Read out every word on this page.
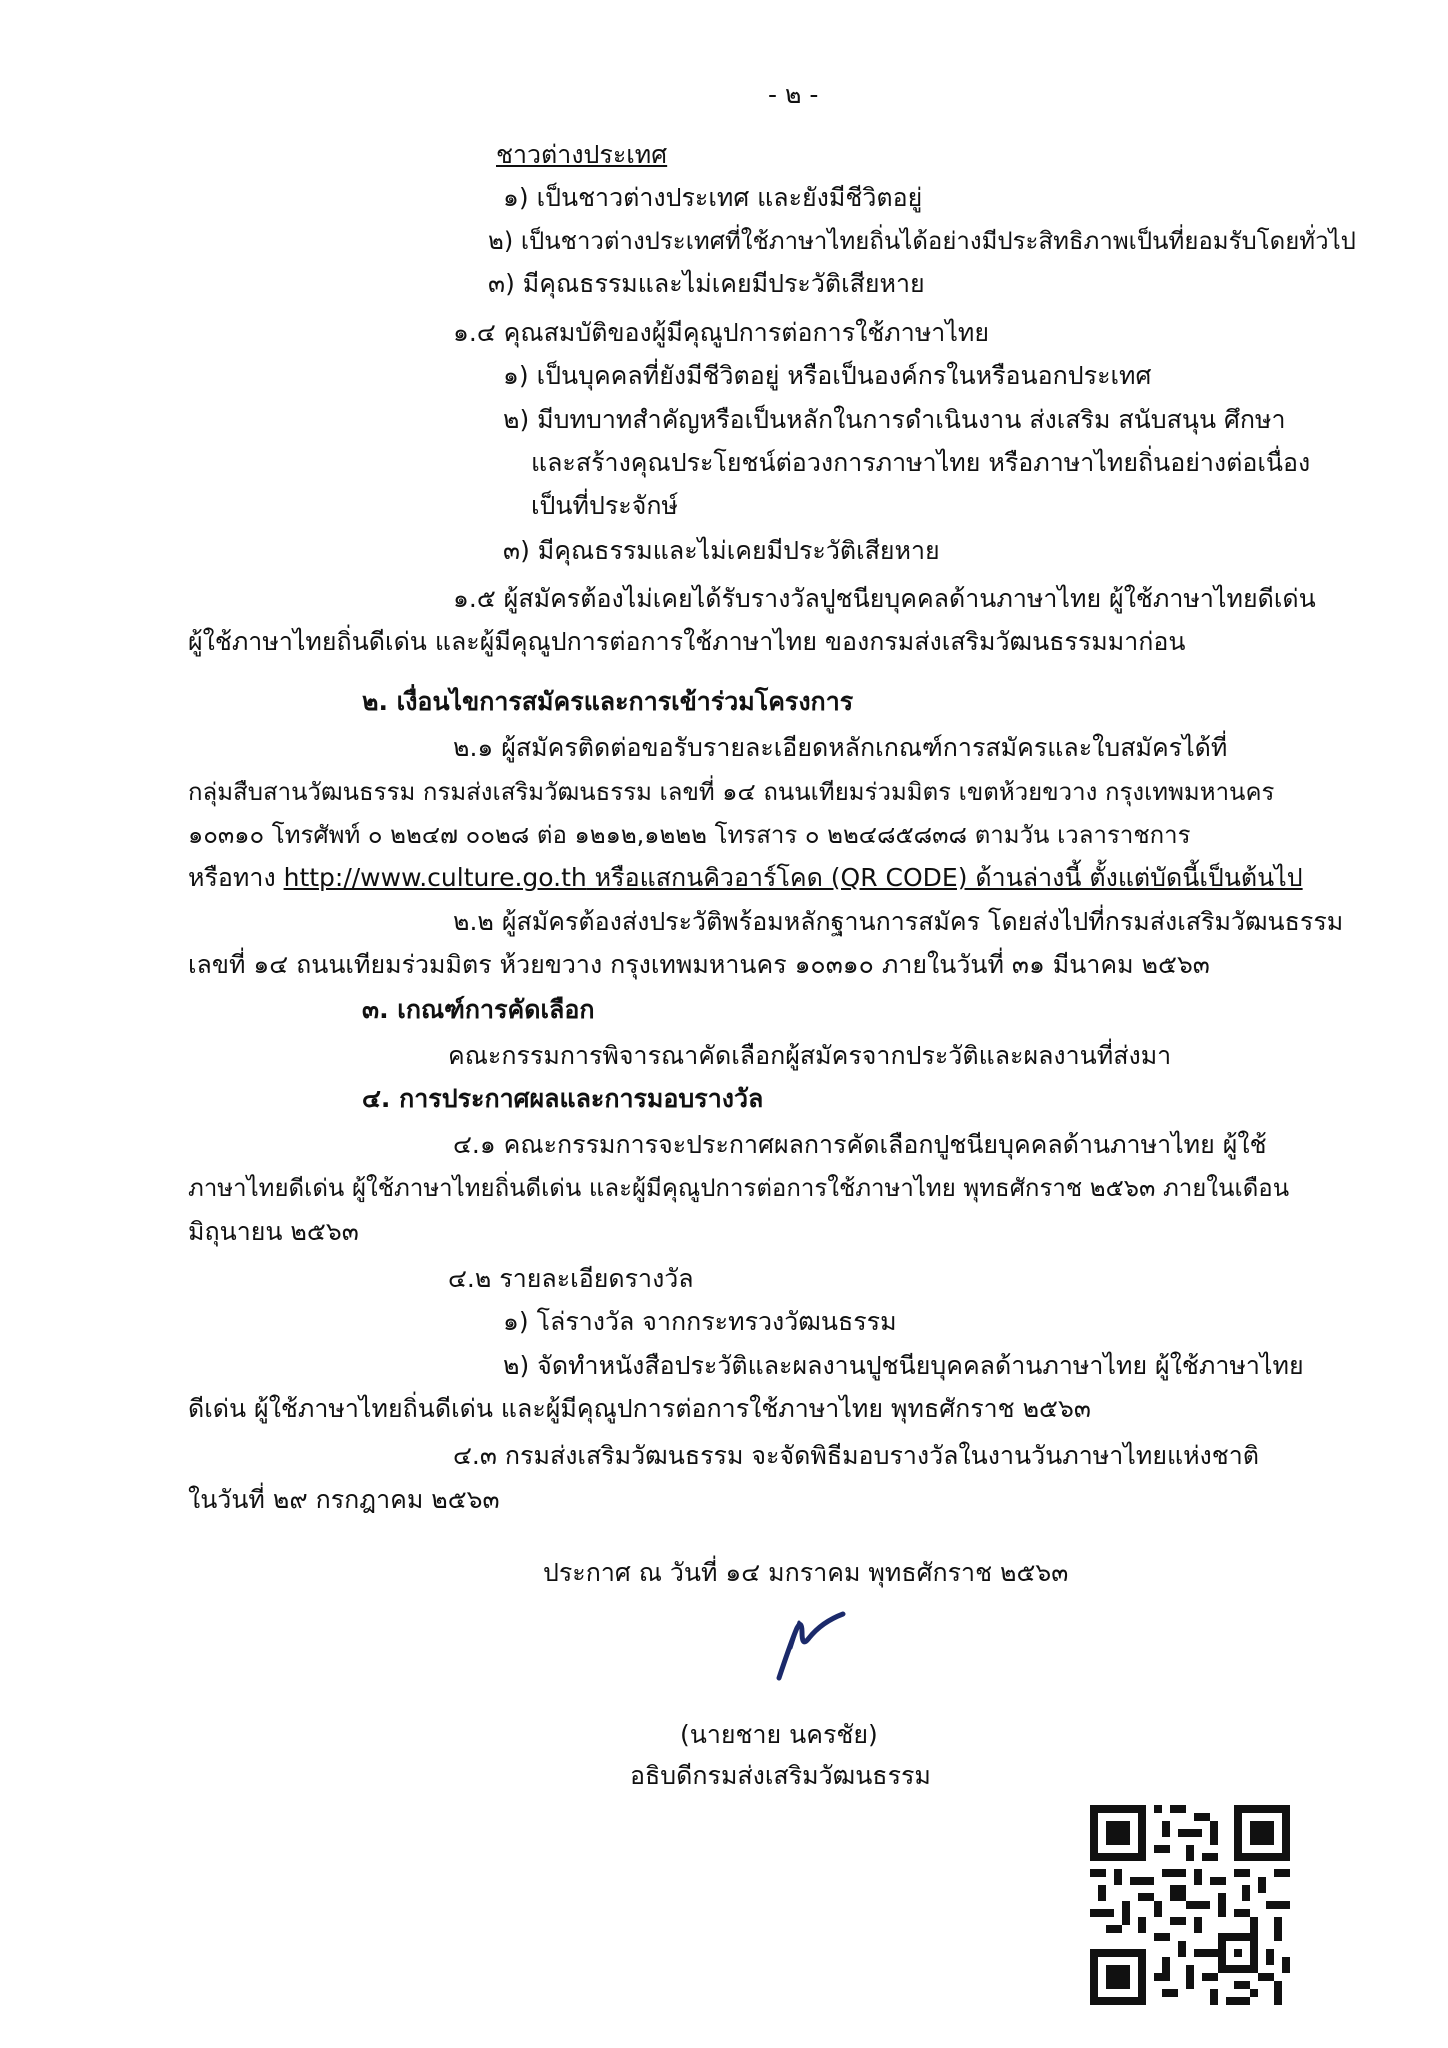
- ๒ -
ชาวต่างประเทศ
๑) เป็นชาวต่างประเทศ และยังมีชีวิตอยู่
๒) เป็นชาวต่างประเทศที่ใช้ภาษาไทยถิ่นได้อย่างมีประสิทธิภาพเป็นที่ยอมรับโดยทั่วไป
๓) มีคุณธรรมและไม่เคยมีประวัติเสียหาย
๑.๔ คุณสมบัติของผู้มีคุณูปการต่อการใช้ภาษาไทย
๑) เป็นบุคคลที่ยังมีชีวิตอยู่ หรือเป็นองค์กรในหรือนอกประเทศ
๒) มีบทบาทสำคัญหรือเป็นหลักในการดำเนินงาน ส่งเสริม สนับสนุน ศึกษา
และสร้างคุณประโยชน์ต่อวงการภาษาไทย หรือภาษาไทยถิ่นอย่างต่อเนื่อง
เป็นที่ประจักษ์
๓) มีคุณธรรมและไม่เคยมีประวัติเสียหาย
๑.๕ ผู้สมัครต้องไม่เคยได้รับรางวัลปูชนียบุคคลด้านภาษาไทย ผู้ใช้ภาษาไทยดีเด่น
ผู้ใช้ภาษาไทยถิ่นดีเด่น และผู้มีคุณูปการต่อการใช้ภาษาไทย ของกรมส่งเสริมวัฒนธรรมมาก่อน
๒. เงื่อนไขการสมัครและการเข้าร่วมโครงการ
๒.๑ ผู้สมัครติดต่อขอรับรายละเอียดหลักเกณฑ์การสมัครและใบสมัครได้ที่
กลุ่มสืบสานวัฒนธรรม กรมส่งเสริมวัฒนธรรม เลขที่ ๑๔ ถนนเทียมร่วมมิตร เขตห้วยขวาง กรุงเทพมหานคร
๑๐๓๑๐ โทรศัพท์ ๐ ๒๒๔๗ ๐๐๒๘ ต่อ ๑๒๑๒,๑๒๒๒ โทรสาร ๐ ๒๒๔๘๕๘๓๘ ตามวัน เวลาราชการ
หรือทาง http://www.culture.go.th หรือแสกนคิวอาร์โคด (QR CODE) ด้านล่างนี้ ตั้งแต่บัดนี้เป็นต้นไป
๒.๒ ผู้สมัครต้องส่งประวัติพร้อมหลักฐานการสมัคร โดยส่งไปที่กรมส่งเสริมวัฒนธรรม
เลขที่ ๑๔ ถนนเทียมร่วมมิตร ห้วยขวาง กรุงเทพมหานคร ๑๐๓๑๐ ภายในวันที่ ๓๑ มีนาคม ๒๕๖๓
๓. เกณฑ์การคัดเลือก
คณะกรรมการพิจารณาคัดเลือกผู้สมัครจากประวัติและผลงานที่ส่งมา
๔. การประกาศผลและการมอบรางวัล
๔.๑ คณะกรรมการจะประกาศผลการคัดเลือกปูชนียบุคคลด้านภาษาไทย ผู้ใช้
ภาษาไทยดีเด่น ผู้ใช้ภาษาไทยถิ่นดีเด่น และผู้มีคุณูปการต่อการใช้ภาษาไทย พุทธศักราช ๒๕๖๓ ภายในเดือน
มิถุนายน ๒๕๖๓
๔.๒ รายละเอียดรางวัล
๑) โล่รางวัล จากกระทรวงวัฒนธรรม
๒) จัดทำหนังสือประวัติและผลงานปูชนียบุคคลด้านภาษาไทย ผู้ใช้ภาษาไทย
ดีเด่น ผู้ใช้ภาษาไทยถิ่นดีเด่น และผู้มีคุณูปการต่อการใช้ภาษาไทย พุทธศักราช ๒๕๖๓
๔.๓ กรมส่งเสริมวัฒนธรรม จะจัดพิธีมอบรางวัลในงานวันภาษาไทยแห่งชาติ
ในวันที่ ๒๙ กรกฎาคม ๒๕๖๓
ประกาศ ณ วันที่ ๑๔ มกราคม พุทธศักราช ๒๕๖๓
(นายชาย นครชัย)
อธิบดีกรมส่งเสริมวัฒนธรรม
